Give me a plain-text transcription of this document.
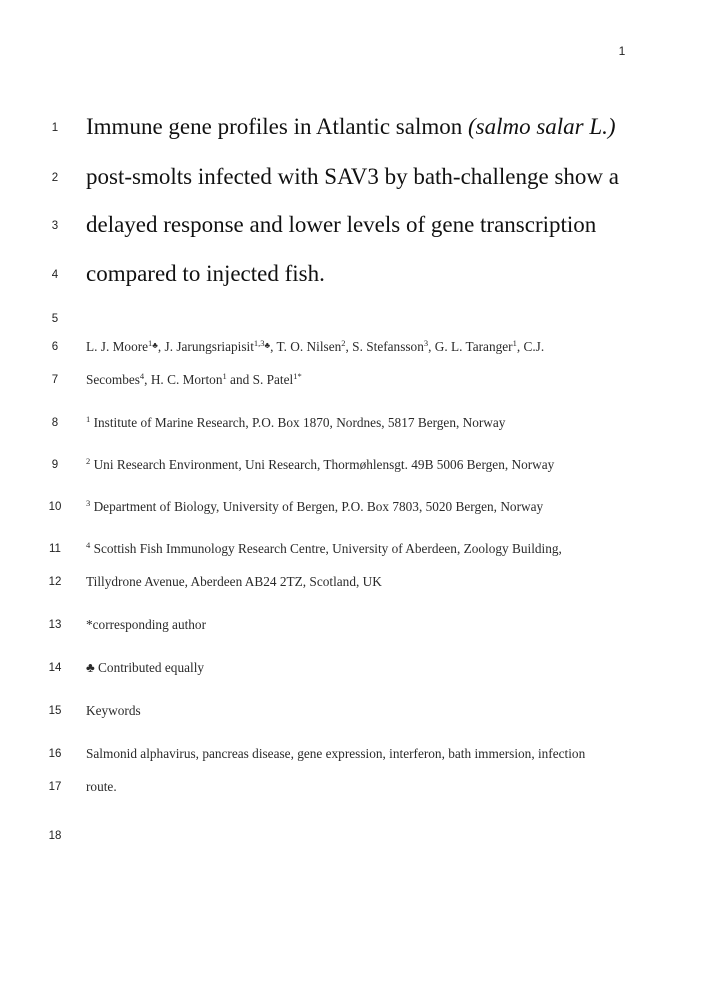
1
1
2
3
4
5
6
7
8
9
10
11
12
13
14
15
16
17
18
Immune gene profiles in Atlantic salmon (salmo salar L.)
post-smolts infected with SAV3 by bath-challenge show a
delayed response and lower levels of gene transcription
compared to injected fish.
L. J. Moore$^{1♣}$, J. Jarungsriapisit$^{1,3♣}$, T. O. Nilsen$^2$, S. Stefansson$^3$, G. L. Taranger$^1$, C.J.
Secombes$^4$, H. C. Morton$^1$ and S. Patel$^{1*}$
$^1$ Institute of Marine Research, P.O. Box 1870, Nordnes, 5817 Bergen, Norway
$^2$ Uni Research Environment, Uni Research, Thormøhlensgt. 49B 5006 Bergen, Norway
$^3$ Department of Biology, University of Bergen, P.O. Box 7803, 5020 Bergen, Norway
$^4$ Scottish Fish Immunology Research Centre, University of Aberdeen, Zoology Building,
Tillydrone Avenue, Aberdeen AB24 2TZ, Scotland, UK
*corresponding author
♣ Contributed equally
Keywords
Salmonid alphavirus, pancreas disease, gene expression, interferon, bath immersion, infection
route.
